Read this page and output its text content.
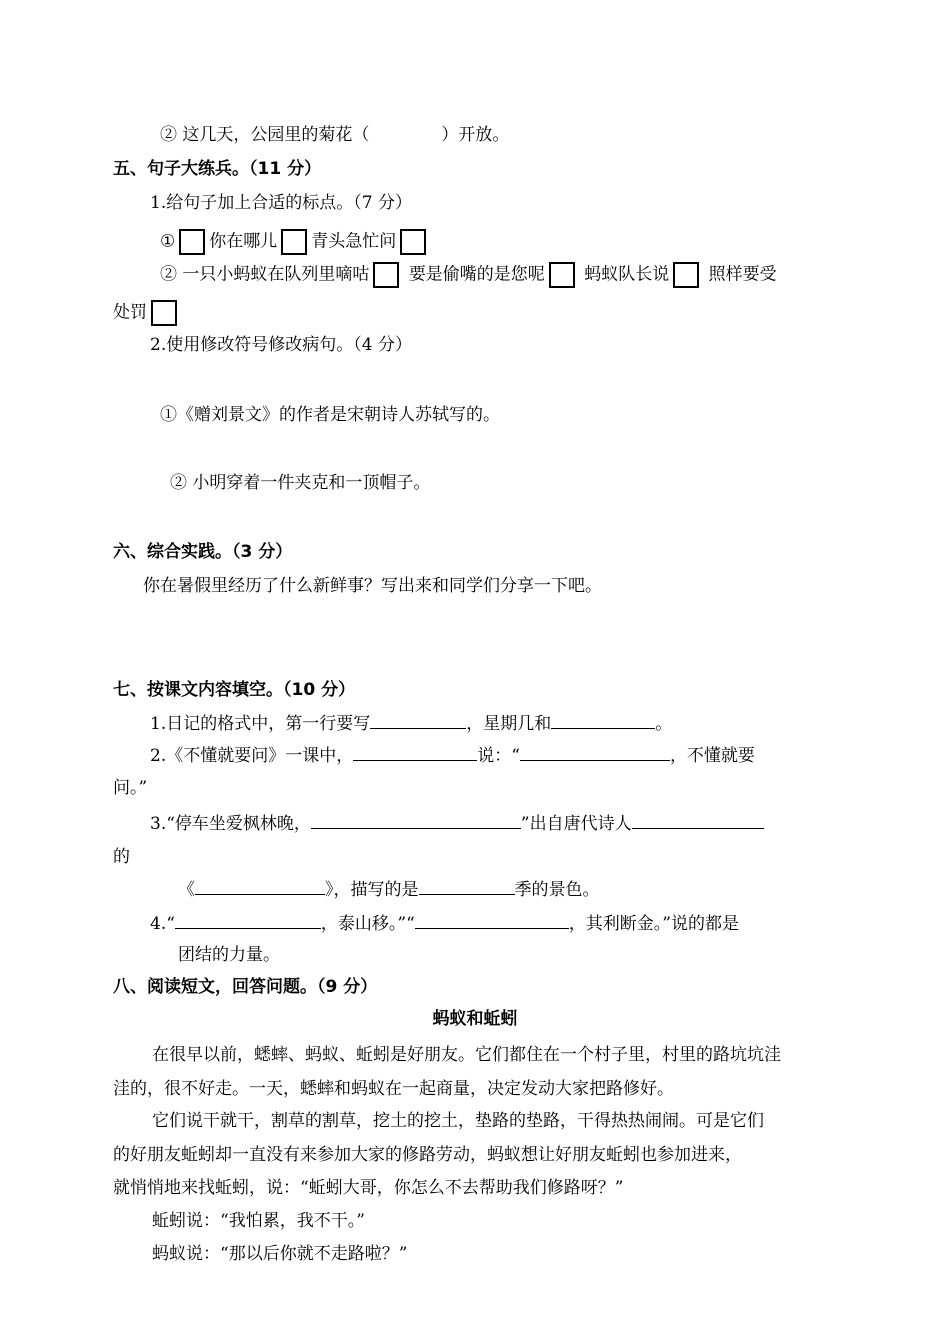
② 这几天，公园里的菊花（	）开放。
五、句子大练兵。（11 分）
1.给句子加上合适的标点。（7 分）
① 你在哪儿 青头急忙问
② 一只小蚂蚁在队列里嘀咕 要是偷嘴的是您呢 蚂蚁队长说 照样要受
处罚
2.使用修改符号修改病句。（4 分）
①《赠刘景文》的作者是宋朝诗人苏轼写的。
② 小明穿着一件夹克和一顶帽子。
六、综合实践。（3 分）
你在暑假里经历了什么新鲜事？写出来和同学们分享一下吧。
七、按课文内容填空。（10 分）
1.日记的格式中，第一行要写	，星期几和	。
2.《不懂就要问》一课中，	说：“	，不懂就要
问。”
3.“停车坐爱枫林晚，	”出自唐代诗人
的
《	》，描写的是	季的景色。
4.“	，泰山移。”“	，其利断金。”说的都是
团结的力量。
八、阅读短文，回答问题。（9 分）
蚂蚁和蚯蚓
在很早以前，蟋蟀、蚂蚁、蚯蚓是好朋友。它们都住在一个村子里，村里的路坑坑洼
洼的，很不好走。一天，蟋蟀和蚂蚁在一起商量，决定发动大家把路修好。
它们说干就干，割草的割草，挖土的挖土，垫路的垫路，干得热热闹闹。可是它们
的好朋友蚯蚓却一直没有来参加大家的修路劳动，蚂蚁想让好朋友蚯蚓也参加进来，
就悄悄地来找蚯蚓，说：“蚯蚓大哥，你怎么不去帮助我们修路呀？”
蚯蚓说：“我怕累，我不干。”
蚂蚁说：“那以后你就不走路啦？”
